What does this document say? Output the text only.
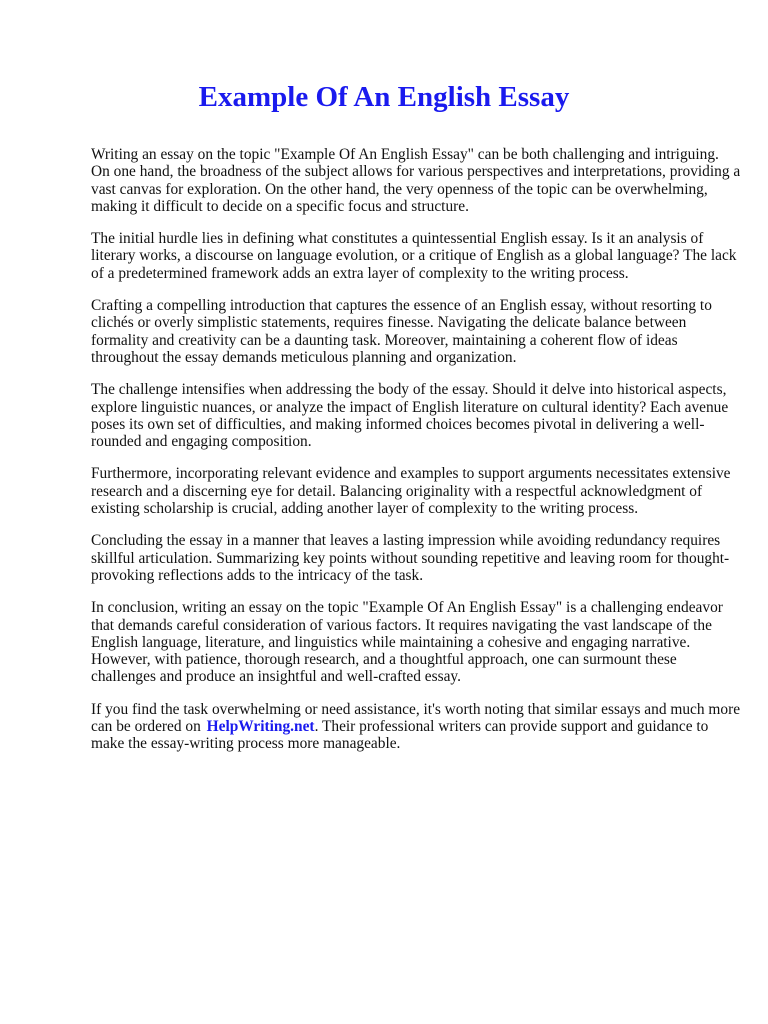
Example Of An English Essay

Writing an essay on the topic "Example Of An English Essay" can be both challenging and intriguing. On one hand, the broadness of the subject allows for various perspectives and interpretations, providing a vast canvas for exploration. On the other hand, the very openness of the topic can be overwhelming, making it difficult to decide on a specific focus and structure.

The initial hurdle lies in defining what constitutes a quintessential English essay. Is it an analysis of literary works, a discourse on language evolution, or a critique of English as a global language? The lack of a predetermined framework adds an extra layer of complexity to the writing process.

Crafting a compelling introduction that captures the essence of an English essay, without resorting to clichés or overly simplistic statements, requires finesse. Navigating the delicate balance between formality and creativity can be a daunting task. Moreover, maintaining a coherent flow of ideas throughout the essay demands meticulous planning and organization.

The challenge intensifies when addressing the body of the essay. Should it delve into historical aspects, explore linguistic nuances, or analyze the impact of English literature on cultural identity? Each avenue poses its own set of difficulties, and making informed choices becomes pivotal in delivering a well-rounded and engaging composition.

Furthermore, incorporating relevant evidence and examples to support arguments necessitates extensive research and a discerning eye for detail. Balancing originality with a respectful acknowledgment of existing scholarship is crucial, adding another layer of complexity to the writing process.

Concluding the essay in a manner that leaves a lasting impression while avoiding redundancy requires skillful articulation. Summarizing key points without sounding repetitive and leaving room for thought-provoking reflections adds to the intricacy of the task.

In conclusion, writing an essay on the topic "Example Of An English Essay" is a challenging endeavor that demands careful consideration of various factors. It requires navigating the vast landscape of the English language, literature, and linguistics while maintaining a cohesive and engaging narrative. However, with patience, thorough research, and a thoughtful approach, one can surmount these challenges and produce an insightful and well-crafted essay.

If you find the task overwhelming or need assistance, it's worth noting that similar essays and much more can be ordered on HelpWriting.net. Their professional writers can provide support and guidance to make the essay-writing process more manageable.
